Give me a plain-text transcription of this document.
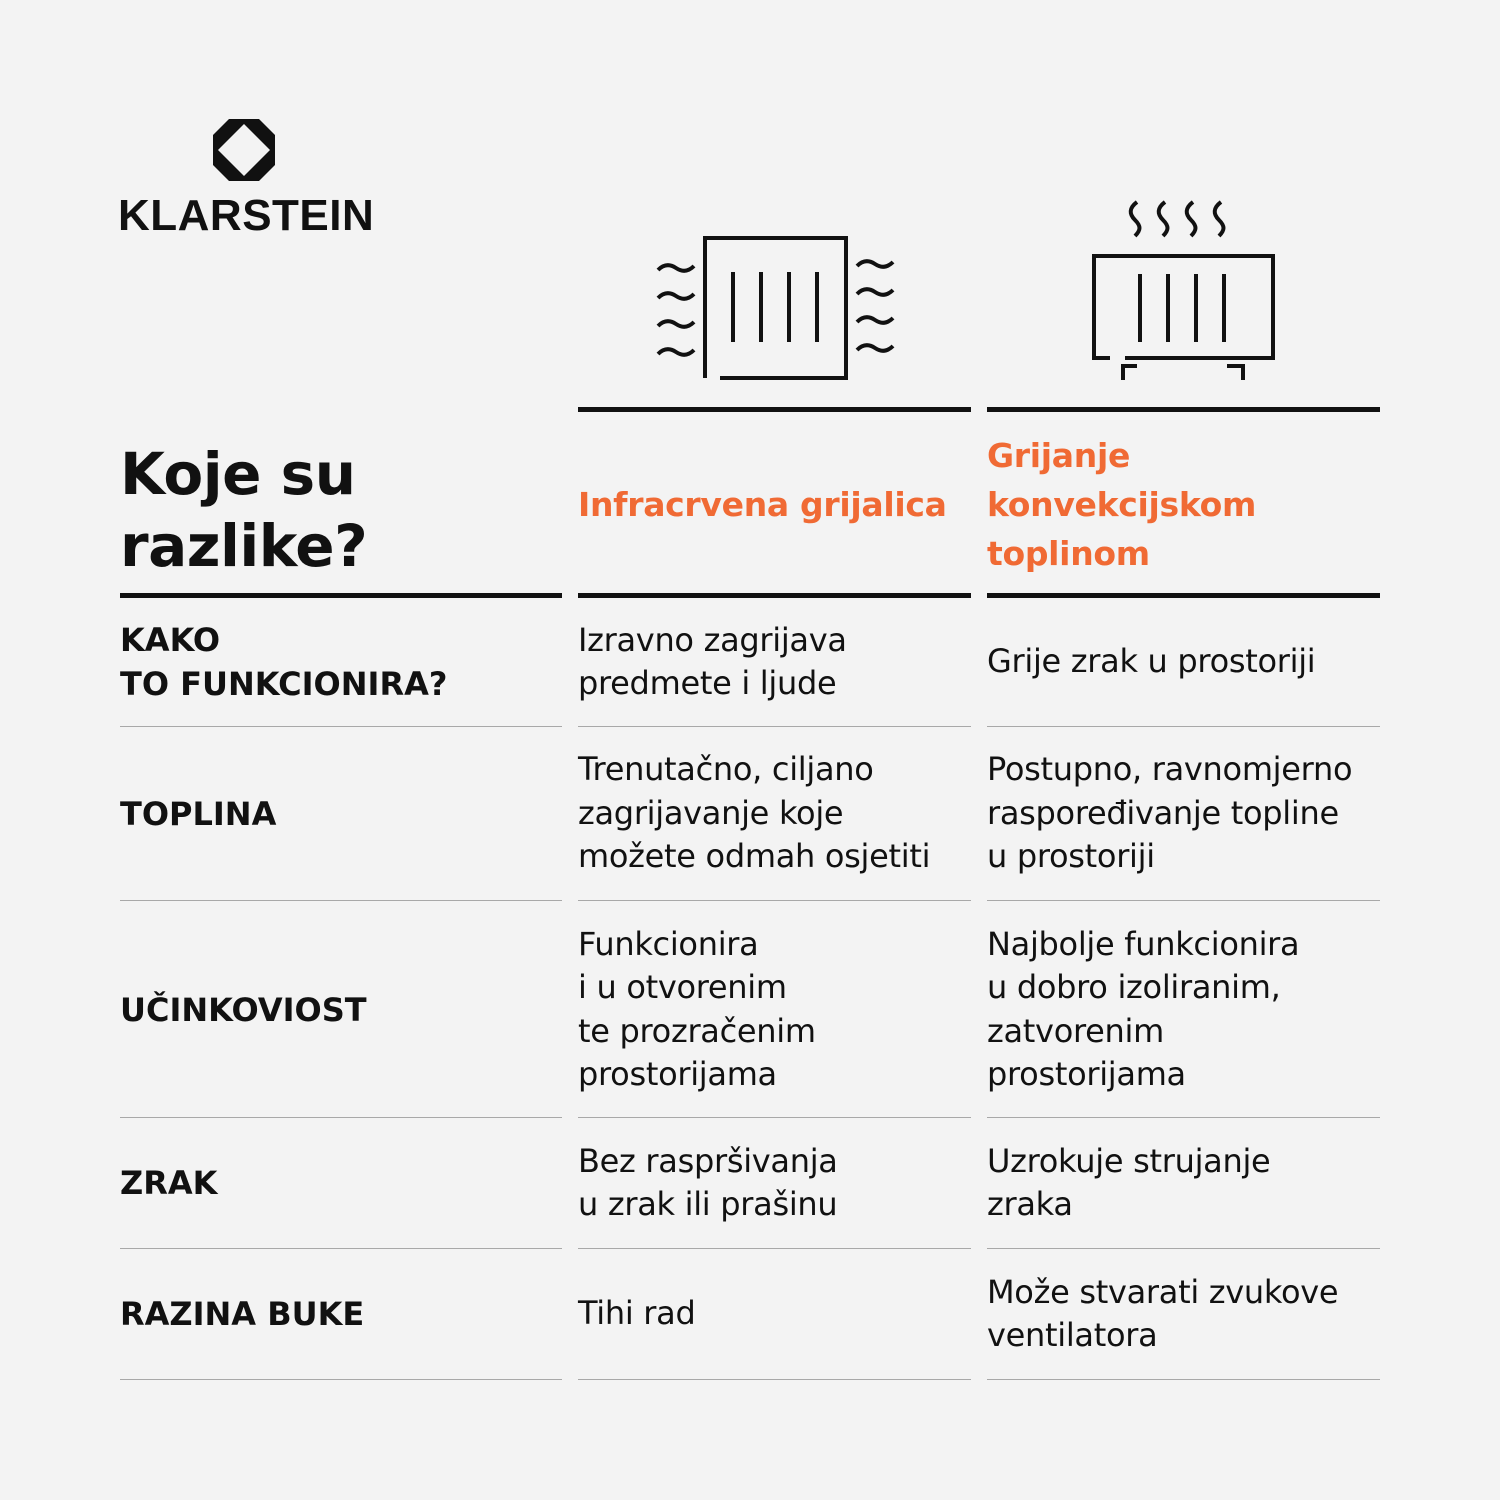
KLARSTEIN
Koje su razlike?
Infracrvena grijalica
Grijanje konvekcijskom toplinom
KAKO
TO FUNKCIONIRA?
Izravno zagrijava
predmete i ljude
Grije zrak u prostoriji
TOPLINA
Trenutačno, ciljano
zagrijavanje koje
možete odmah osjetiti
Postupno, ravnomjerno
raspoređivanje topline
u prostoriji
UČINKOVIOST
Funkcionira
i u otvorenim
te prozračenim
prostorijama
Najbolje funkcionira
u dobro izoliranim,
zatvorenim
prostorijama
ZRAK
Bez raspršivanja
u zrak ili prašinu
Uzrokuje strujanje
zraka
RAZINA BUKE	Tihi rad
Može stvarati zvukove
ventilatora
